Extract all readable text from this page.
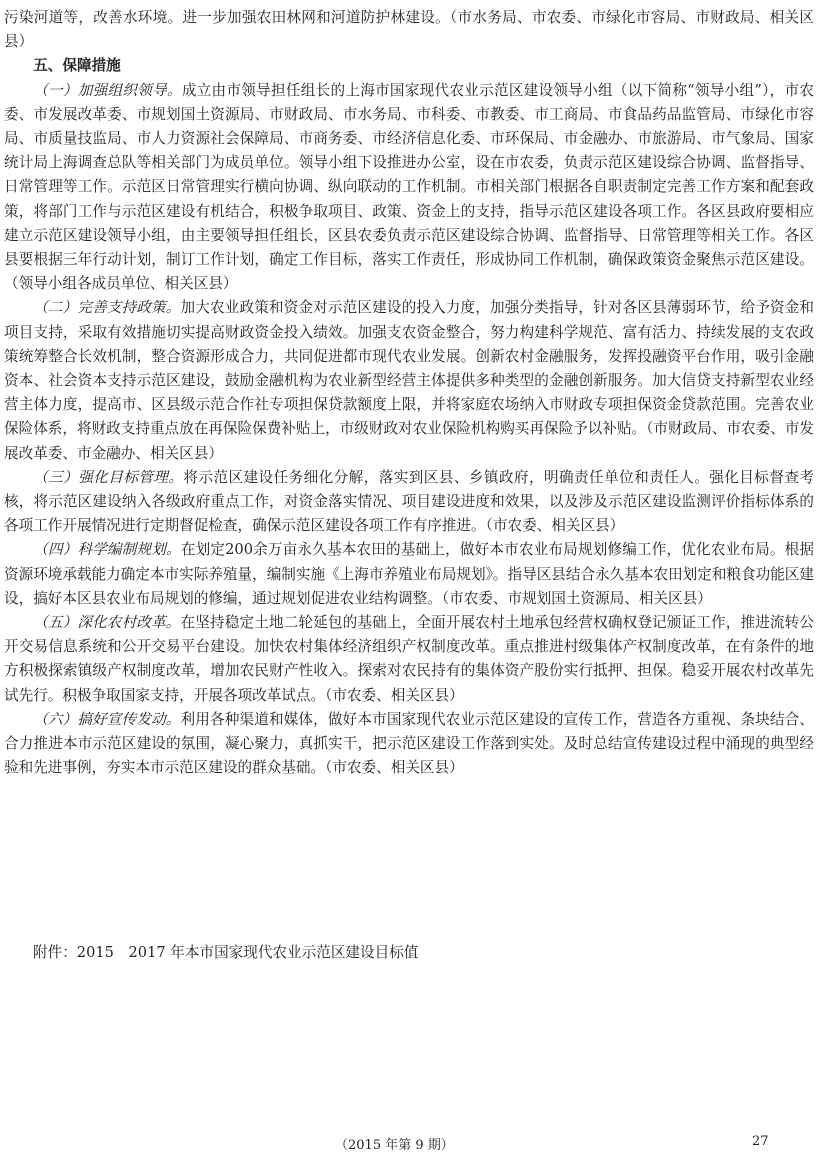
污染河道等，改善水环境。进一步加强农田林网和河道防护林建设。（市水务局、市农委、市绿化市容局、市财政局、相关区县）

五、保障措施

（一）加强组织领导。成立由市领导担任组长的上海市国家现代农业示范区建设领导小组（以下简称“领导小组”），市农委、市发展改革委、市规划国土资源局、市财政局、市水务局、市科委、市教委、市工商局、市食品药品监管局、市绿化市容局、市质量技监局、市人力资源社会保障局、市商务委、市经济信息化委、市环保局、市金融办、市旅游局、市气象局、国家统计局上海调查总队等相关部门为成员单位。领导小组下设推进办公室，设在市农委，负责示范区建设综合协调、监督指导、日常管理等工作。示范区日常管理实行横向协调、纵向联动的工作机制。市相关部门根据各自职责制定完善工作方案和配套政策，将部门工作与示范区建设有机结合，积极争取项目、政策、资金上的支持，指导示范区建设各项工作。各区县政府要相应建立示范区建设领导小组，由主要领导担任组长，区县农委负责示范区建设综合协调、监督指导、日常管理等相关工作。各区县要根据三年行动计划，制订工作计划，确定工作目标，落实工作责任，形成协同工作机制，确保政策资金聚焦示范区建设。（领导小组各成员单位、相关区县）

（二）完善支持政策。加大农业政策和资金对示范区建设的投入力度，加强分类指导，针对各区县薄弱环节，给予资金和项目支持，采取有效措施切实提高财政资金投入绩效。加强支农资金整合，努力构建科学规范、富有活力、持续发展的支农政策统筹整合长效机制，整合资源形成合力，共同促进都市现代农业发展。创新农村金融服务，发挥投融资平台作用，吸引金融资本、社会资本支持示范区建设，鼓励金融机构为农业新型经营主体提供多种类型的金融创新服务。加大信贷支持新型农业经营主体力度，提高市、区县级示范合作社专项担保贷款额度上限，并将家庭农场纳入市财政专项担保资金贷款范围。完善农业保险体系，将财政支持重点放在再保险保费补贴上，市级财政对农业保险机构购买再保险予以补贴。（市财政局、市农委、市发展改革委、市金融办、相关区县）

（三）强化目标管理。将示范区建设任务细化分解，落实到区县、乡镇政府，明确责任单位和责任人。强化目标督查考核，将示范区建设纳入各级政府重点工作，对资金落实情况、项目建设进度和效果，以及涉及示范区建设监测评价指标体系的各项工作开展情况进行定期督促检查，确保示范区建设各项工作有序推进。（市农委、相关区县）

（四）科学编制规划。在划定200余万亩永久基本农田的基础上，做好本市农业布局规划修编工作，优化农业布局。根据资源环境承载能力确定本市实际养殖量，编制实施《上海市养殖业布局规划》。指导区县结合永久基本农田划定和粮食功能区建设，搞好本区县农业布局规划的修编，通过规划促进农业结构调整。（市农委、市规划国土资源局、相关区县）

（五）深化农村改革。在坚持稳定土地二轮延包的基础上，全面开展农村土地承包经营权确权登记颁证工作，推进流转公开交易信息系统和公开交易平台建设。加快农村集体经济组织产权制度改革。重点推进村级集体产权制度改革，在有条件的地方积极探索镇级产权制度改革，增加农民财产性收入。探索对农民持有的集体资产股份实行抵押、担保。稳妥开展农村改革先试先行。积极争取国家支持，开展各项改革试点。（市农委、相关区县）

（六）搞好宣传发动。利用各种渠道和媒体，做好本市国家现代农业示范区建设的宣传工作，营造各方重视、条块结合、合力推进本市示范区建设的氛围，凝心聚力，真抓实干，把示范区建设工作落到实处。及时总结宣传建设过程中涌现的典型经验和先进事例，夯实本市示范区建设的群众基础。（市农委、相关区县）

附件：2015　2017 年本市国家现代农业示范区建设目标值
（2015 年第 9 期）	27
